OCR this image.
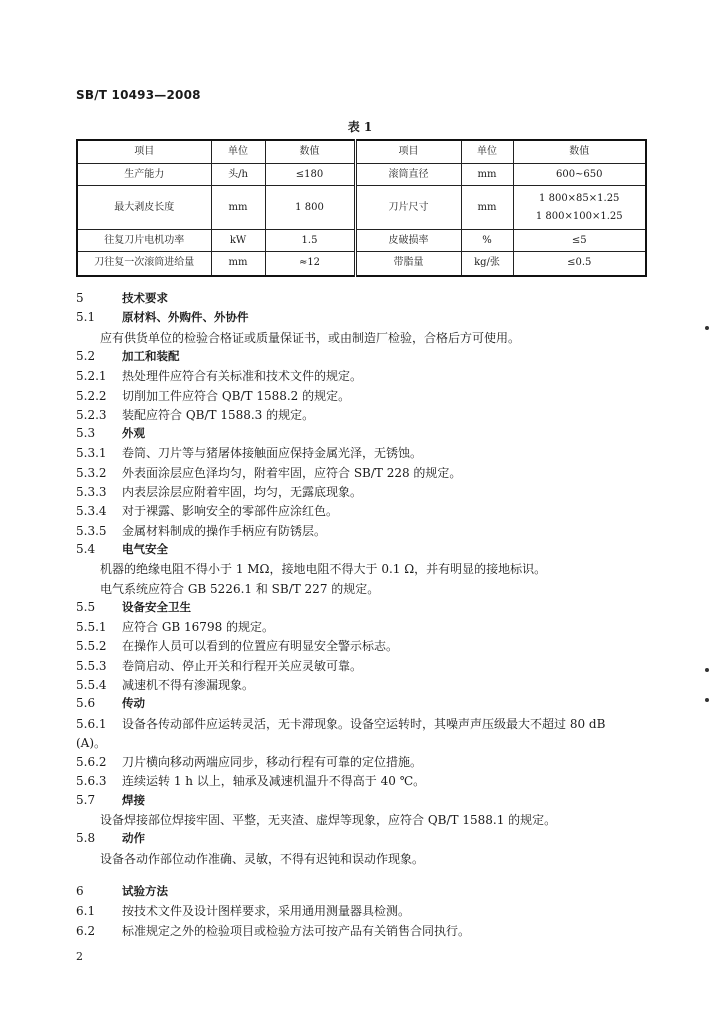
SB/T 10493—2008
表 1
项目	单位	数值	项目	单位	数值
生产能力	头/h	≤180	滚筒直径	mm	600~650
最大剥皮长度	mm	1 800	刀片尺寸	mm	1 800×85×1.25
1 800×100×1.25

往复刀片电机功率	kW	1.5	皮破损率	%	≤5
刀往复一次滚筒进给量	mm	≈12	带脂量	kg/张	≤0.5
5	技术要求
5.1 原材料、外购件、外协件
应有供货单位的检验合格证或质量保证书，或由制造厂检验，合格后方可使用。
5.2 加工和装配
5.2.1 热处理件应符合有关标准和技术文件的规定。
5.2.2 切削加工件应符合 QB/T 1588.2 的规定。
5.2.3 装配应符合 QB/T 1588.3 的规定。
5.3 外观
5.3.1 卷筒、刀片等与猪屠体接触面应保持金属光泽，无锈蚀。
5.3.2 外表面涂层应色泽均匀，附着牢固，应符合 SB/T 228 的规定。
5.3.3 内表层涂层应附着牢固，均匀，无露底现象。
5.3.4 对于裸露、影响安全的零部件应涂红色。
5.3.5 金属材料制成的操作手柄应有防锈层。
5.4 电气安全
机器的绝缘电阻不得小于 1 MΩ，接地电阻不得大于 0.1 Ω，并有明显的接地标识。
电气系统应符合 GB 5226.1 和 SB/T 227 的规定。
5.5 设备安全卫生
5.5.1 应符合 GB 16798 的规定。
5.5.2 在操作人员可以看到的位置应有明显安全警示标志。
5.5.3 卷筒启动、停止开关和行程开关应灵敏可靠。
5.5.4 减速机不得有渗漏现象。
5.6 传动
5.6.1 设备各传动部件应运转灵活，无卡滞现象。设备空运转时，其噪声声压级最大不超过 80 dB
(A)。
5.6.2 刀片横向移动两端应同步，移动行程有可靠的定位措施。
5.6.3 连续运转 1 h 以上，轴承及减速机温升不得高于 40 ℃。
5.7 焊接
设备焊接部位焊接牢固、平整，无夹渣、虚焊等现象，应符合 QB/T 1588.1 的规定。
5.8 动作
设备各动作部位动作准确、灵敏，不得有迟钝和误动作现象。
6	试验方法
6.1 按技术文件及设计图样要求，采用通用测量器具检测。
6.2 标准规定之外的检验项目或检验方法可按产品有关销售合同执行。
2
